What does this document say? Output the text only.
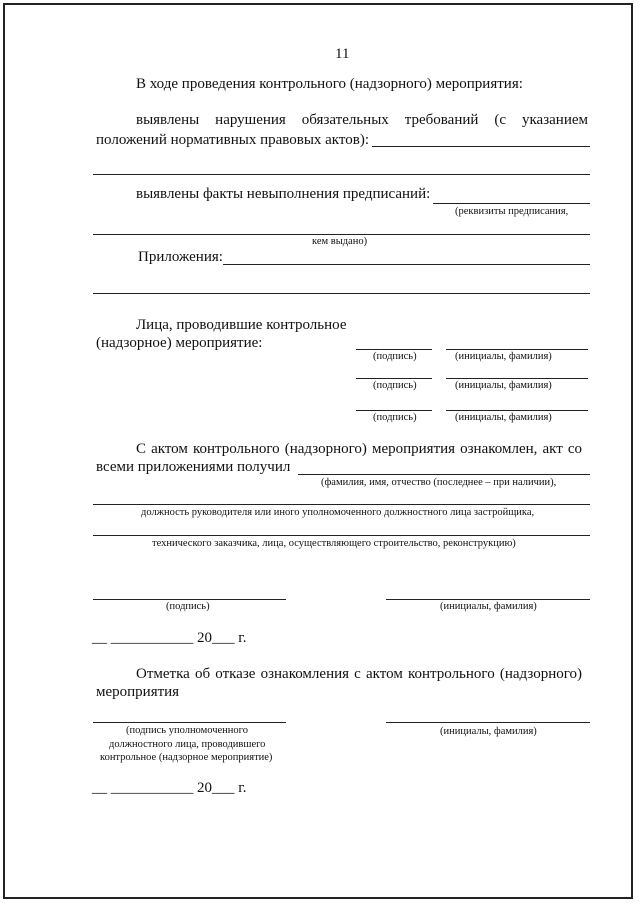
11
В ходе проведения контрольного (надзорного) мероприятия:
выявлены нарушения обязательных требований (с указанием
положений нормативных правовых актов):
выявлены факты невыполнения предписаний:
(реквизиты предписания,
кем выдано)
Приложения:
Лица, проводившие контрольное
(надзорное) мероприятие:
(подпись)	(инициалы, фамилия)
(подпись)	(инициалы, фамилия)
(подпись)	(инициалы, фамилия)
С актом контрольного (надзорного) мероприятия ознакомлен, акт со
всеми приложениями получил
(фамилия, имя, отчество (последнее – при наличии),
должность руководителя или иного уполномоченного должностного лица застройщика,
технического заказчика, лица, осуществляющего строительство, реконструкцию)
(подпись)	(инициалы, фамилия)
__ ___________ 20___ г.
Отметка об отказе ознакомления с актом контрольного (надзорного)
мероприятия
(подпись уполномоченного
должностного лица, проводившего
контрольное (надзорное мероприятие)
(инициалы, фамилия)
__ ___________ 20___ г.
